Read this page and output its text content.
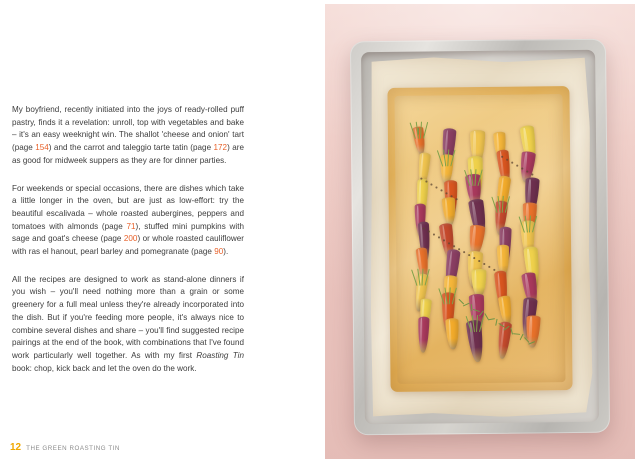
My boyfriend, recently initiated into the joys of ready-rolled puff pastry, finds it a revelation: unroll, top with vegetables and bake – it's an easy weeknight win. The shallot 'cheese and onion' tart (page 154) and the carrot and taleggio tarte tatin (page 172) are as good for midweek suppers as they are for dinner parties.

For weekends or special occasions, there are dishes which take a little longer in the oven, but are just as low-effort: try the beautiful escalivada – whole roasted aubergines, peppers and tomatoes with almonds (page 71), stuffed mini pumpkins with sage and goat's cheese (page 200) or whole roasted cauliflower with ras el hanout, pearl barley and pomegranate (page 90).

All the recipes are designed to work as stand-alone dinners if you wish – you'll need nothing more than a grain or some greenery for a full meal unless they're already incorporated into the dish. But if you're feeding more people, it's always nice to combine several dishes and share – you'll find suggested recipe pairings at the end of the book, with combinations that I've found work particularly well together. As with my first Roasting Tin book: chop, kick back and let the oven do the work.

12 THE GREEN ROASTING TIN
